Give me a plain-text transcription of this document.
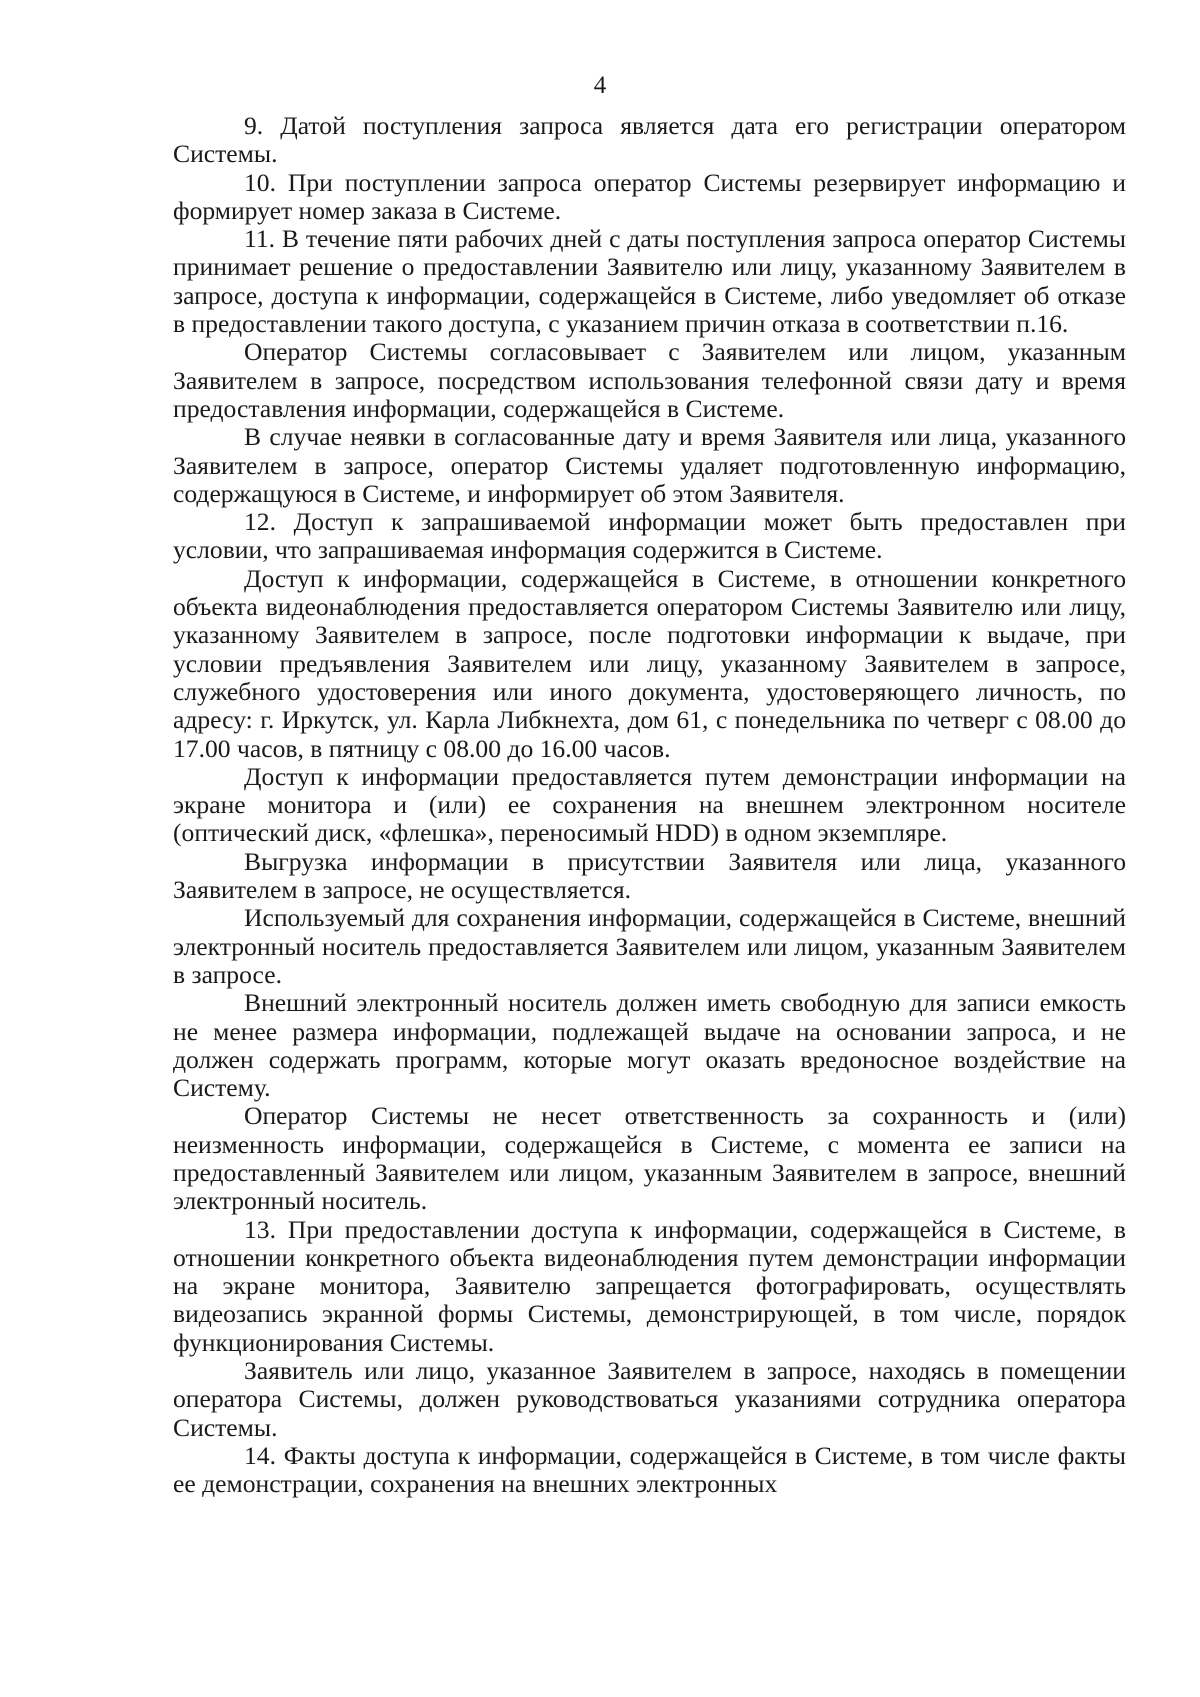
4

9. Датой поступления запроса является дата его регистрации оператором Системы.

10. При поступлении запроса оператор Системы резервирует информацию и формирует номер заказа в Системе.

11. В течение пяти рабочих дней с даты поступления запроса оператор Системы принимает решение о предоставлении Заявителю или лицу, указанному Заявителем в запросе, доступа к информации, содержащейся в Системе, либо уведомляет об отказе в предоставлении такого доступа, с указанием причин отказа в соответствии п.16.

Оператор Системы согласовывает с Заявителем или лицом, указанным Заявителем в запросе, посредством использования телефонной связи дату и время предоставления информации, содержащейся в Системе.

В случае неявки в согласованные дату и время Заявителя или лица, указанного Заявителем в запросе, оператор Системы удаляет подготовленную информацию, содержащуюся в Системе, и информирует об этом Заявителя.

12. Доступ к запрашиваемой информации может быть предоставлен при условии, что запрашиваемая информация содержится в Системе.

Доступ к информации, содержащейся в Системе, в отношении конкретного объекта видеонаблюдения предоставляется оператором Системы Заявителю или лицу, указанному Заявителем в запросе, после подготовки информации к выдаче, при условии предъявления Заявителем или лицу, указанному Заявителем в запросе, служебного удостоверения или иного документа, удостоверяющего личность, по адресу: г. Иркутск, ул. Карла Либкнехта, дом 61, с понедельника по четверг с 08.00 до 17.00 часов, в пятницу с 08.00 до 16.00 часов.

Доступ к информации предоставляется путем демонстрации информации на экране монитора и (или) ее сохранения на внешнем электронном носителе (оптический диск, «флешка», переносимый HDD) в одном экземпляре.

Выгрузка информации в присутствии Заявителя или лица, указанного Заявителем в запросе, не осуществляется.

Используемый для сохранения информации, содержащейся в Системе, внешний электронный носитель предоставляется Заявителем или лицом, указанным Заявителем в запросе.

Внешний электронный носитель должен иметь свободную для записи емкость не менее размера информации, подлежащей выдаче на основании запроса, и не должен содержать программ, которые могут оказать вредоносное воздействие на Систему.

Оператор Системы не несет ответственность за сохранность и (или) неизменность информации, содержащейся в Системе, с момента ее записи на предоставленный Заявителем или лицом, указанным Заявителем в запросе, внешний электронный носитель.

13. При предоставлении доступа к информации, содержащейся в Системе, в отношении конкретного объекта видеонаблюдения путем демонстрации информации на экране монитора, Заявителю запрещается фотографировать, осуществлять видеозапись экранной формы Системы, демонстрирующей, в том числе, порядок функционирования Системы.

Заявитель или лицо, указанное Заявителем в запросе, находясь в помещении оператора Системы, должен руководствоваться указаниями сотрудника оператора Системы.

14. Факты доступа к информации, содержащейся в Системе, в том числе факты ее демонстрации, сохранения на внешних электронных
